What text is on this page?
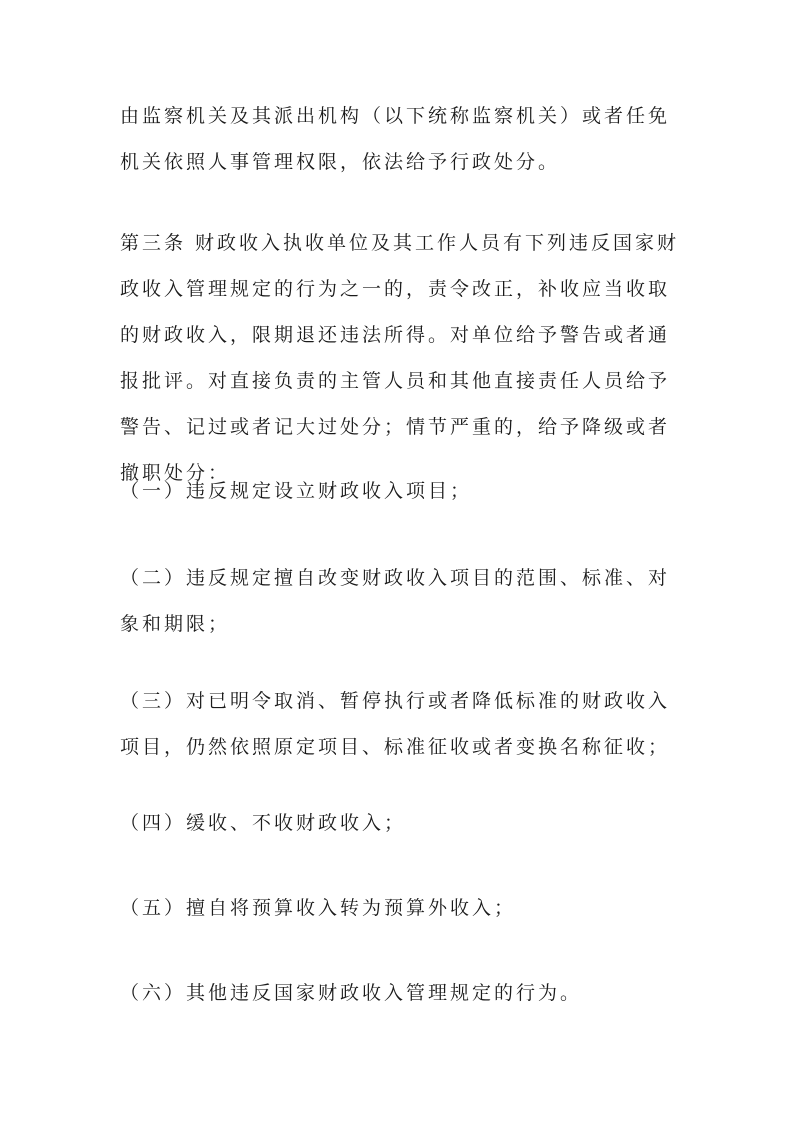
由监察机关及其派出机构（以下统称监察机关）或者任免机关依照人事管理权限，依法给予行政处分。

第三条 财政收入执收单位及其工作人员有下列违反国家财政收入管理规定的行为之一的，责令改正，补收应当收取的财政收入，限期退还违法所得。对单位给予警告或者通报批评。对直接负责的主管人员和其他直接责任人员给予警告、记过或者记大过处分；情节严重的，给予降级或者撤职处分：

（一）违反规定设立财政收入项目；

（二）违反规定擅自改变财政收入项目的范围、标准、对象和期限；

（三）对已明令取消、暂停执行或者降低标准的财政收入项目，仍然依照原定项目、标准征收或者变换名称征收；

（四）缓收、不收财政收入；

（五）擅自将预算收入转为预算外收入；

（六）其他违反国家财政收入管理规定的行为。
